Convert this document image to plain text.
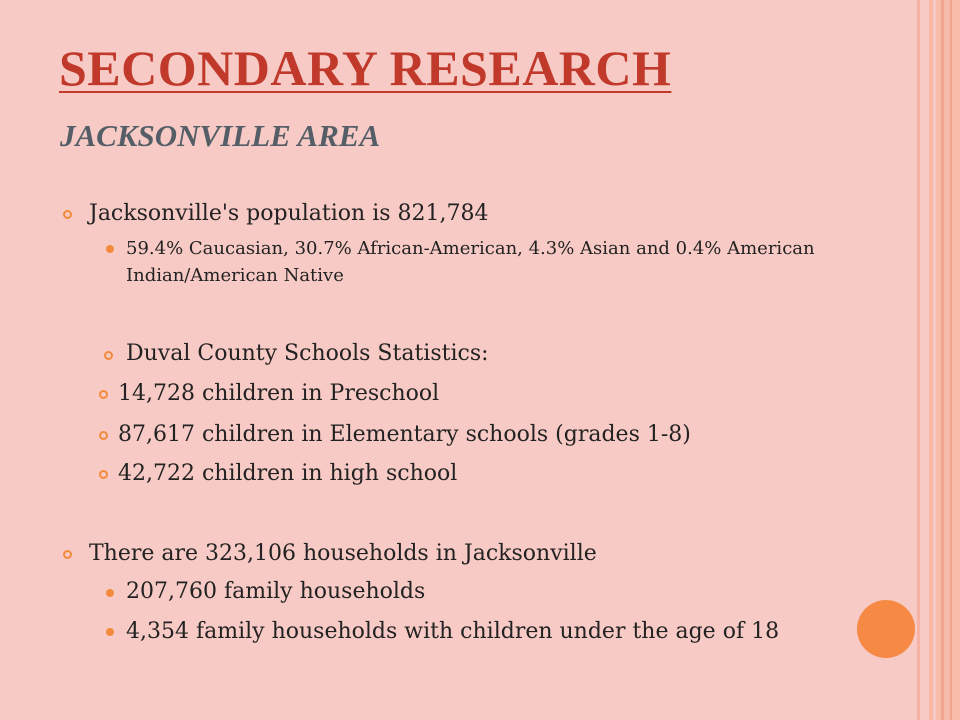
SECONDARY RESEARCH
JACKSONVILLE AREA
Jacksonville's population is 821,784
59.4% Caucasian, 30.7% African-American, 4.3% Asian and 0.4% American
Indian/American Native
Duval County Schools Statistics:
14,728 children in Preschool
87,617 children in Elementary schools (grades 1-8)
42,722 children in high school
There are 323,106 households in Jacksonville
207,760 family households
4,354 family households with children under the age of 18
